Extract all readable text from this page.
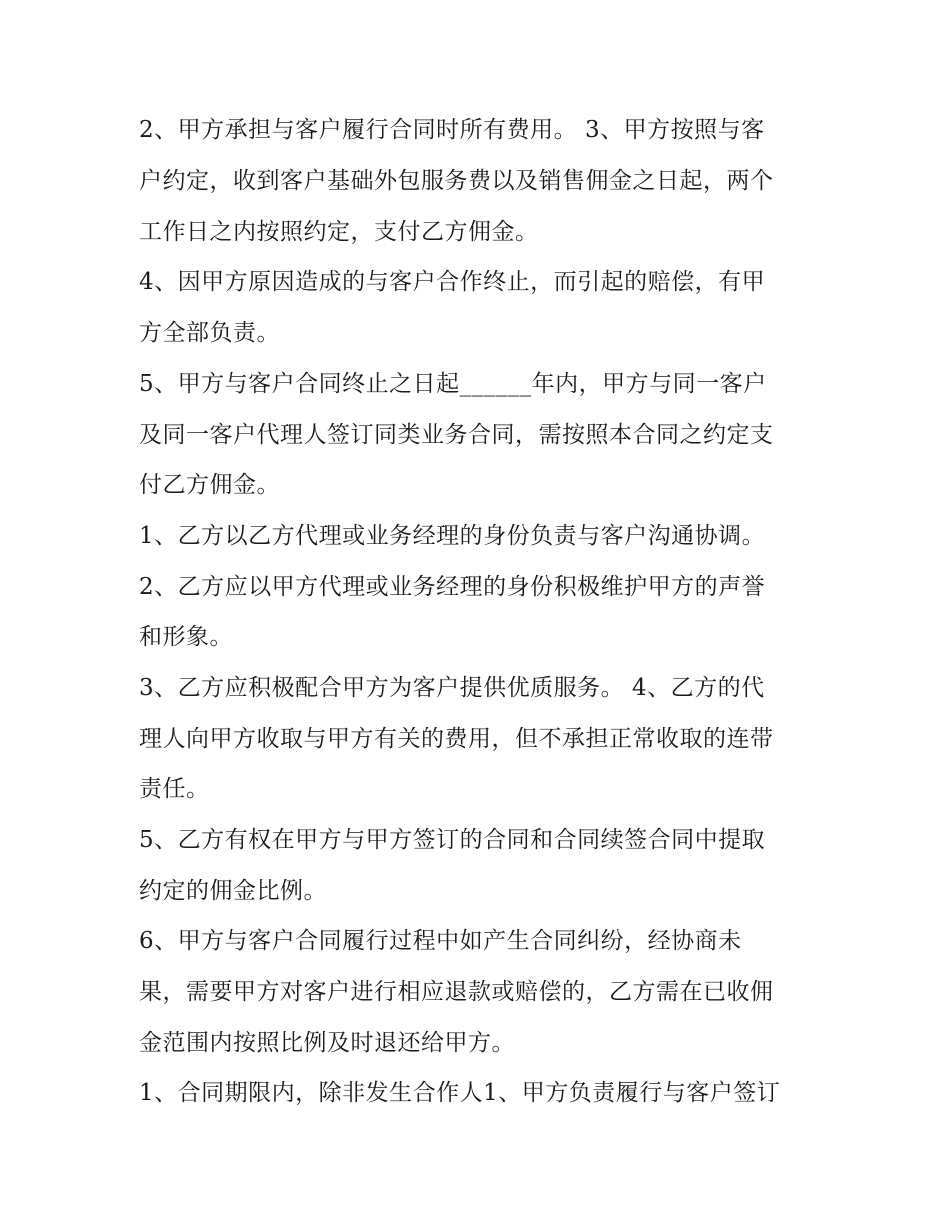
2、甲方承担与客户履行合同时所有费用。 3、甲方按照与客
户约定，收到客户基础外包服务费以及销售佣金之日起，两个
工作日之内按照约定，支付乙方佣金。
4、因甲方原因造成的与客户合作终止，而引起的赔偿，有甲
方全部负责。
5、甲方与客户合同终止之日起______年内，甲方与同一客户
及同一客户代理人签订同类业务合同，需按照本合同之约定支
付乙方佣金。
1、乙方以乙方代理或业务经理的身份负责与客户沟通协调。
2、乙方应以甲方代理或业务经理的身份积极维护甲方的声誉
和形象。
3、乙方应积极配合甲方为客户提供优质服务。 4、乙方的代
理人向甲方收取与甲方有关的费用，但不承担正常收取的连带
责任。
5、乙方有权在甲方与甲方签订的合同和合同续签合同中提取
约定的佣金比例。
6、甲方与客户合同履行过程中如产生合同纠纷，经协商未
果，需要甲方对客户进行相应退款或赔偿的，乙方需在已收佣
金范围内按照比例及时退还给甲方。
1、合同期限内，除非发生合作人1、甲方负责履行与客户签订
